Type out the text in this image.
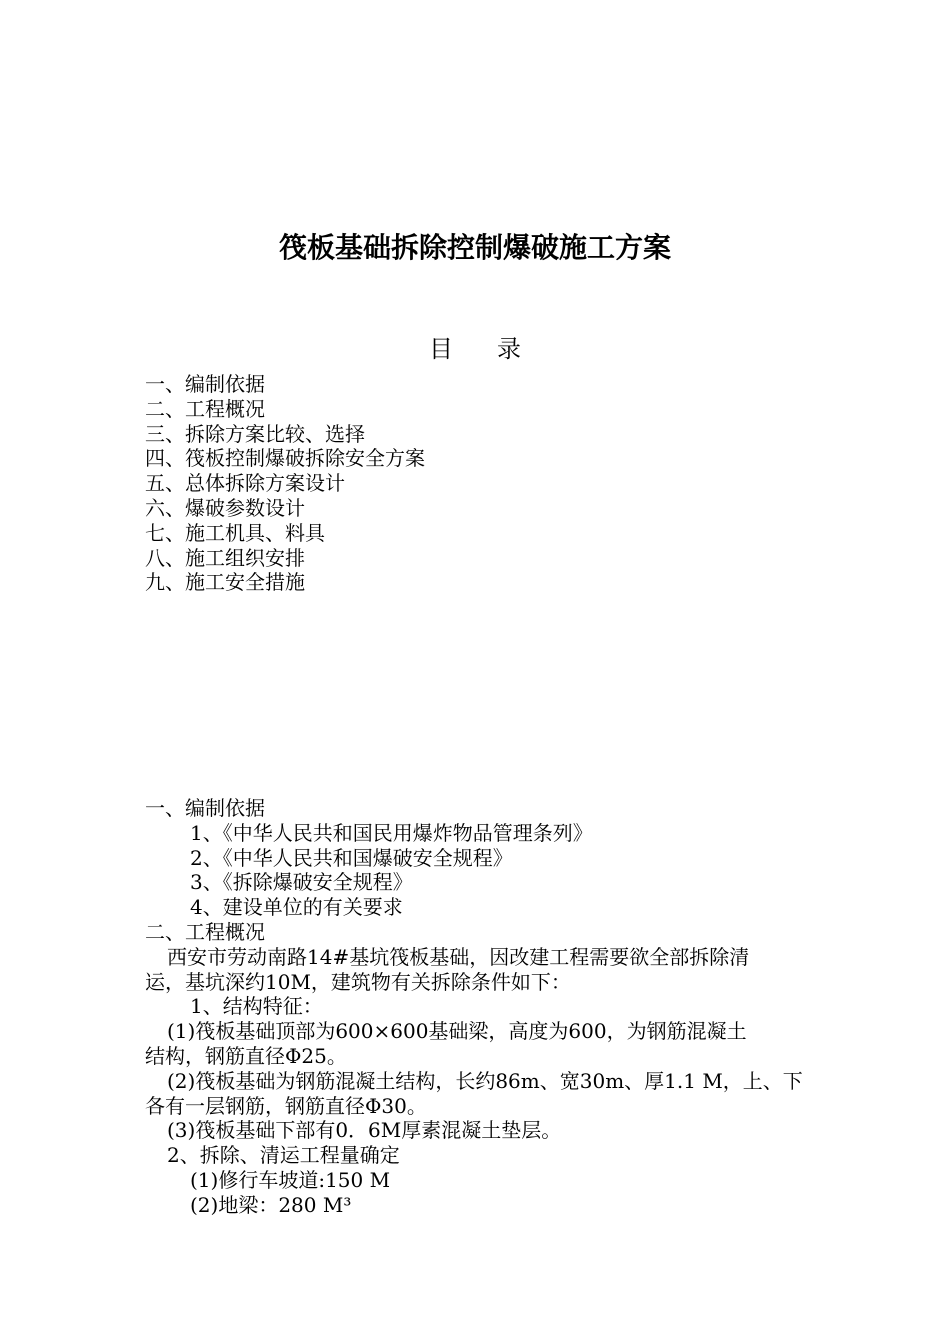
筏板基础拆除控制爆破施工方案
目录
一、编制依据
二、工程概况
三、拆除方案比较、选择
四、筏板控制爆破拆除安全方案
五、总体拆除方案设计
六、爆破参数设计
七、施工机具、料具
八、施工组织安排
九、施工安全措施

一、编制依据

1、《中华人民共和国民用爆炸物品管理条列》

2、《中华人民共和国爆破安全规程》

3、《拆除爆破安全规程》

4、建设单位的有关要求

二、工程概况

西安市劳动南路14#基坑筏板基础，因改建工程需要欲全部拆除清

运，基坑深约10M，建筑物有关拆除条件如下：

1、结构特征：

(1)筏板基础顶部为600×600基础梁，高度为600，为钢筋混凝土

结构，钢筋直径Φ25。

(2)筏板基础为钢筋混凝土结构，长约86m、宽30m、厚1.1 M，上、下

各有一层钢筋，钢筋直径Φ30。

(3)筏板基础下部有0．6M厚素混凝土垫层。

2、拆除、清运工程量确定

(1)修行车坡道:150 M

(2)地梁：280 M³
